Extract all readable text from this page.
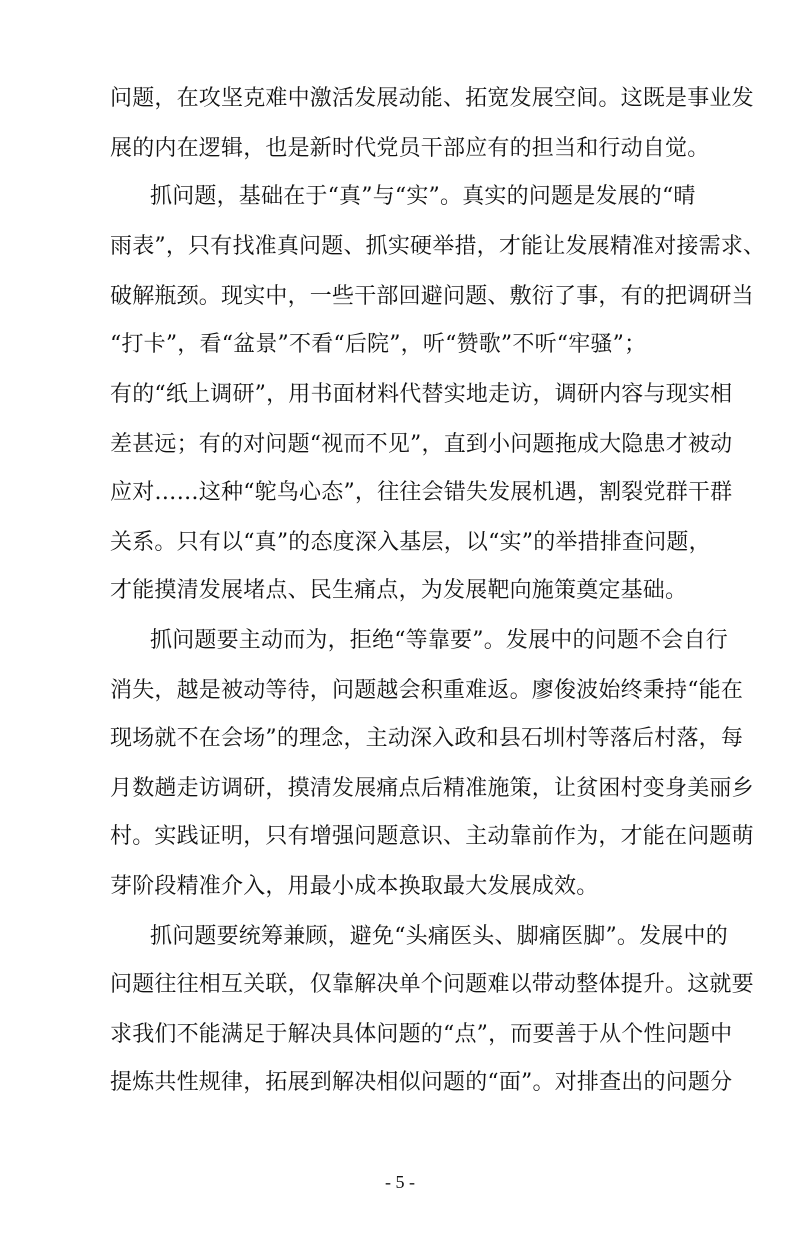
问题，在攻坚克难中激活发展动能、拓宽发展空间。这既是事业发
展的内在逻辑，也是新时代党员干部应有的担当和行动自觉。
抓问题，基础在于“真”与“实”。真实的问题是发展的“晴
雨表”，只有找准真问题、抓实硬举措，才能让发展精准对接需求、
破解瓶颈。现实中，一些干部回避问题、敷衍了事，有的把调研当
“打卡”，看“盆景”不看“后院”，听“赞歌”不听“牢骚”；
有的“纸上调研”，用书面材料代替实地走访，调研内容与现实相
差甚远；有的对问题“视而不见”，直到小问题拖成大隐患才被动
应对……这种“鸵鸟心态”，往往会错失发展机遇，割裂党群干群
关系。只有以“真”的态度深入基层，以“实”的举措排查问题，
才能摸清发展堵点、民生痛点，为发展靶向施策奠定基础。
抓问题要主动而为，拒绝“等靠要”。发展中的问题不会自行
消失，越是被动等待，问题越会积重难返。廖俊波始终秉持“能在
现场就不在会场”的理念，主动深入政和县石圳村等落后村落，每
月数趟走访调研，摸清发展痛点后精准施策，让贫困村变身美丽乡
村。实践证明，只有增强问题意识、主动靠前作为，才能在问题萌
芽阶段精准介入，用最小成本换取最大发展成效。
抓问题要统筹兼顾，避免“头痛医头、脚痛医脚”。发展中的
问题往往相互关联，仅靠解决单个问题难以带动整体提升。这就要
求我们不能满足于解决具体问题的“点”，而要善于从个性问题中
提炼共性规律，拓展到解决相似问题的“面”。对排查出的问题分
- 5 -
